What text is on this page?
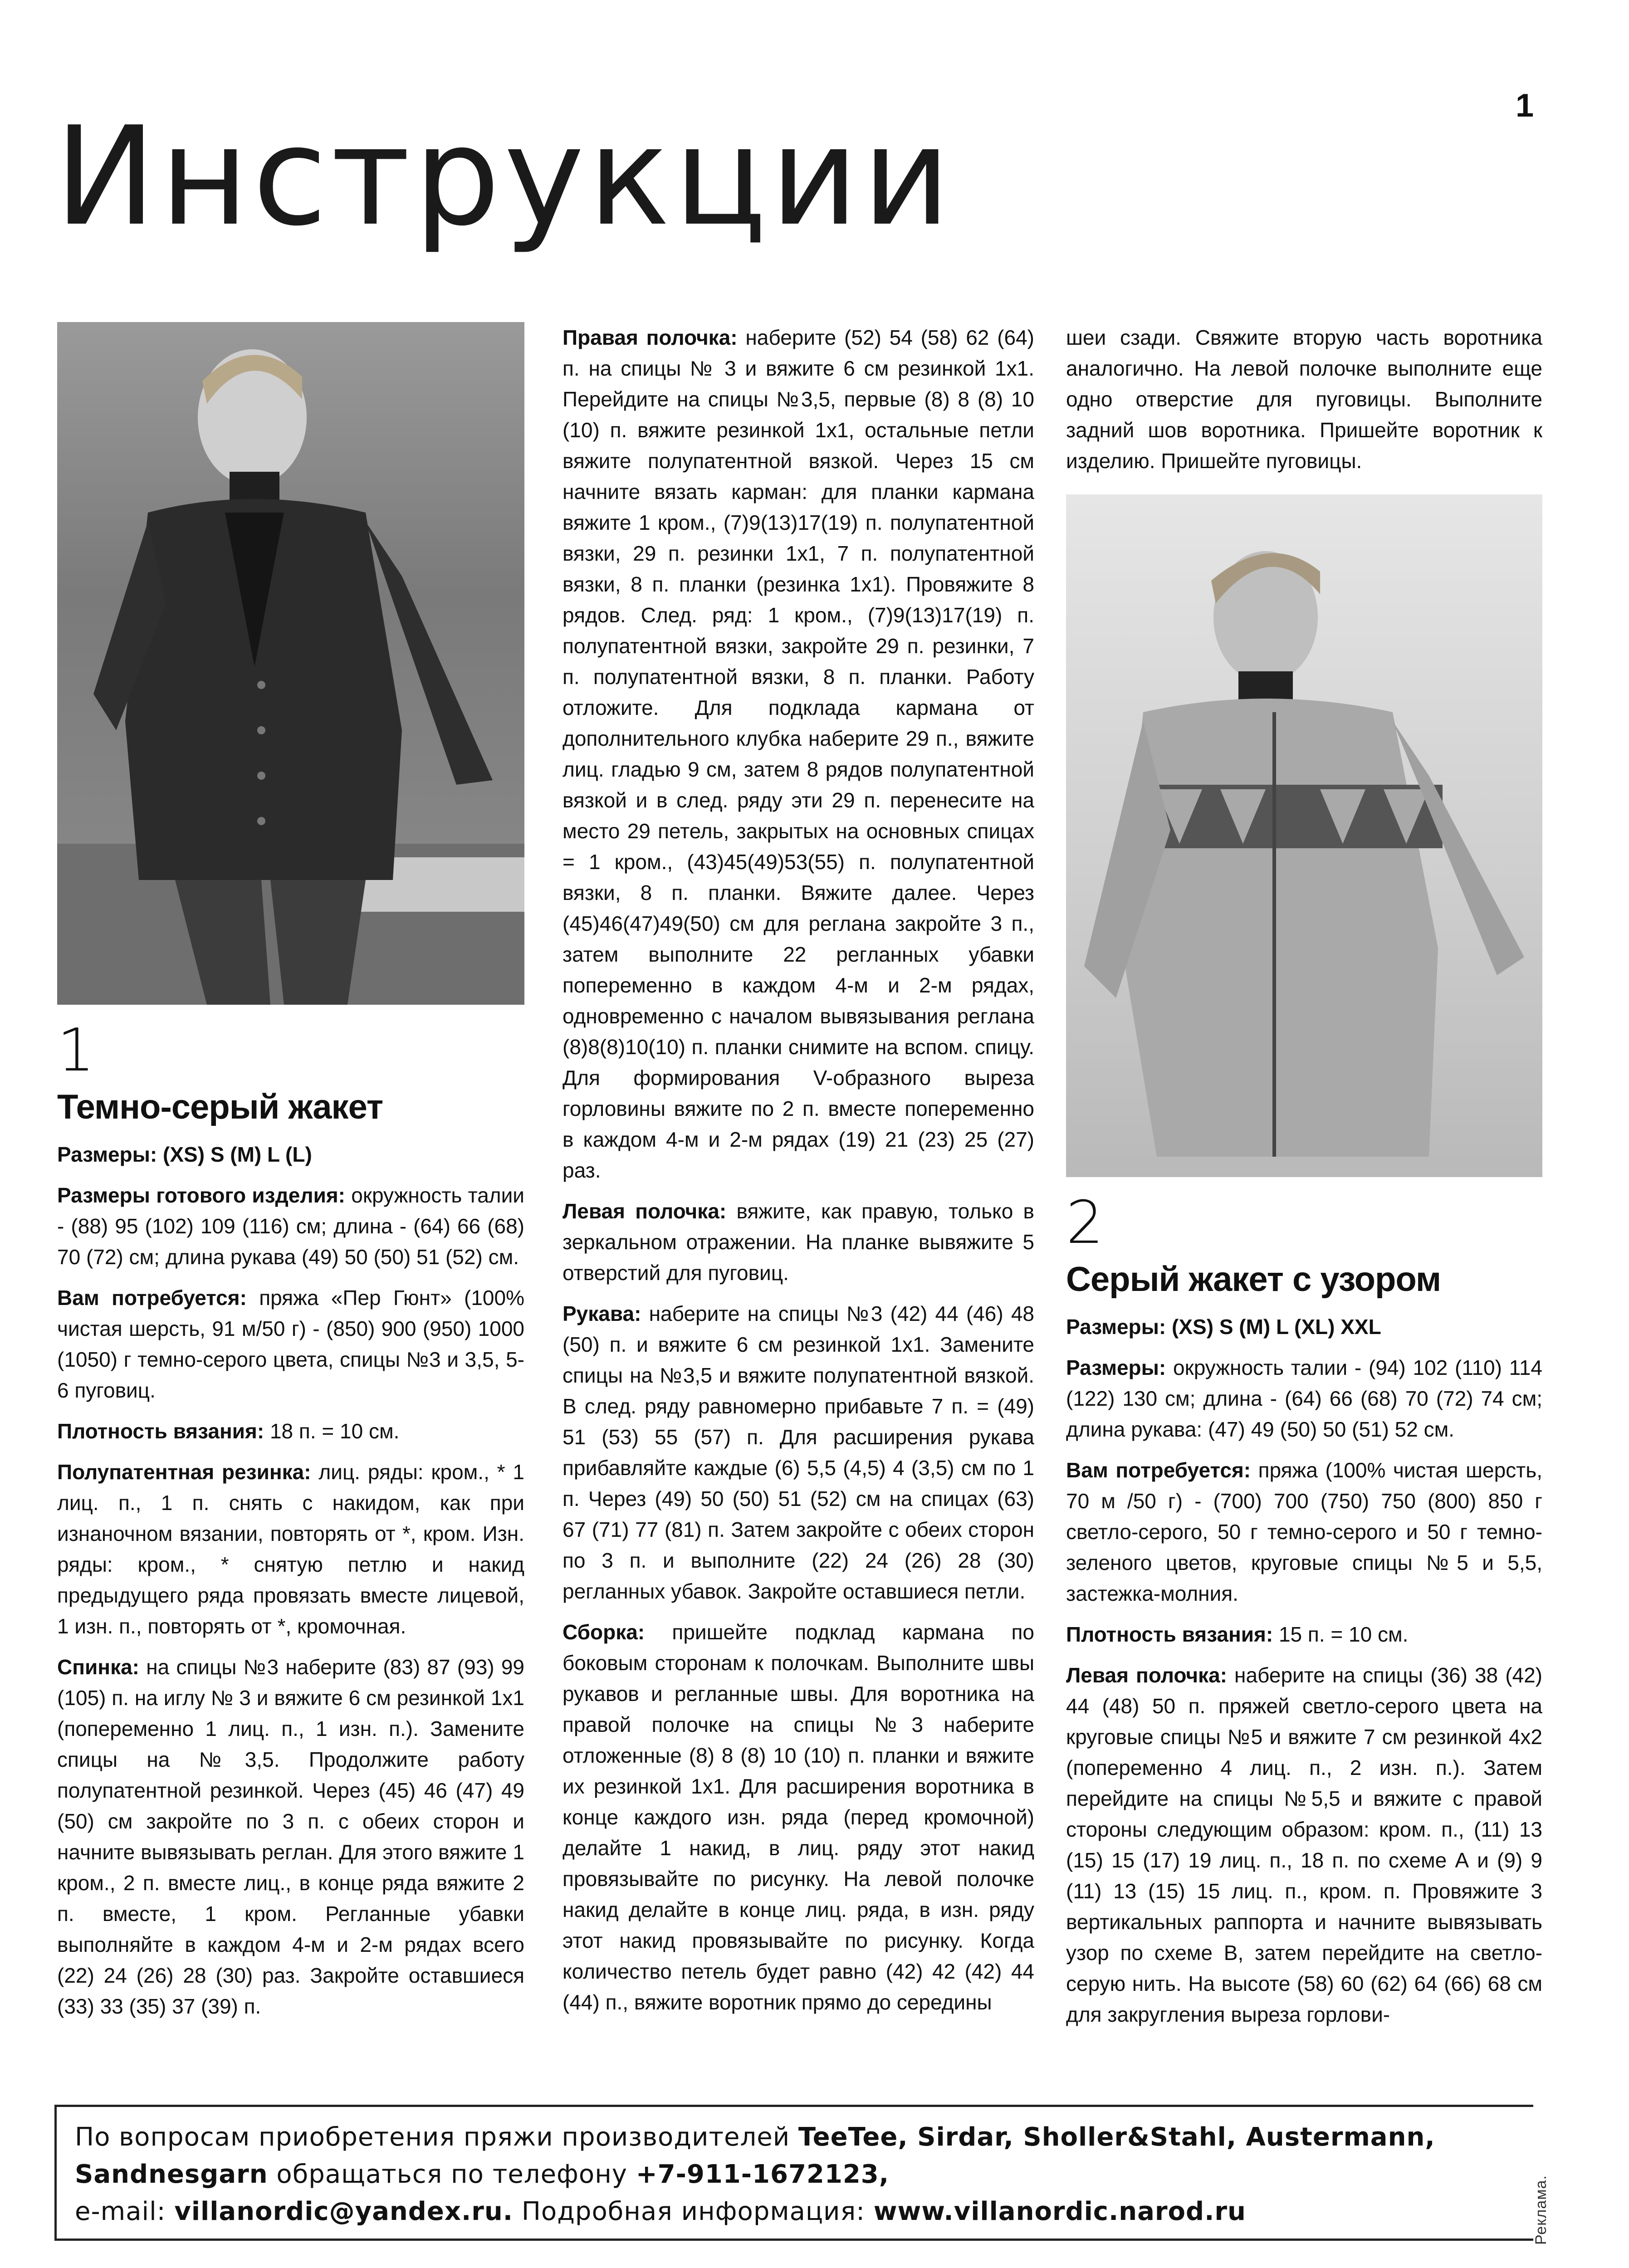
1
Инструкции
1
Темно-серый жакет

Размеры: (XS) S (M) L (L)

Размеры готового изделия: окружность талии - (88) 95 (102) 109 (116) см; длина - (64) 66 (68) 70 (72) см; длина рукава (49) 50 (50) 51 (52) см.

Вам потребуется: пряжа «Пер Гюнт» (100% чистая шерсть, 91 м/50 г) - (850) 900 (950) 1000 (1050) г темно-серого цвета, спицы №3 и 3,5, 5-6 пуговиц.

Плотность вязания: 18 п. = 10 см.

Полупатентная резинка: лиц. ряды: кром., * 1 лиц. п., 1 п. снять с накидом, как при изнаночном вязании, повторять от *, кром. Изн. ряды: кром., * снятую петлю и накид предыдущего ряда провязать вместе лицевой, 1 изн. п., повторять от *, кромочная.

Спинка: на спицы №3 наберите (83) 87 (93) 99 (105) п. на иглу № 3 и вяжите 6 см резинкой 1x1 (попеременно 1 лиц. п., 1 изн. п.). Замените спицы на №3,5. Продолжите работу полупатентной резинкой. Через (45) 46 (47) 49 (50) см закройте по 3 п. с обеих сторон и начните вывязывать реглан. Для этого вяжите 1 кром., 2 п. вместе лиц., в конце ряда вяжите 2 п. вместе, 1 кром. Регланные убавки выполняйте в каждом 4-м и 2-м рядах всего (22) 24 (26) 28 (30) раз. Закройте оставшиеся (33) 33 (35) 37 (39) п.

Правая полочка: наберите (52) 54 (58) 62 (64) п. на спицы № 3 и вяжите 6 см резинкой 1x1. Перейдите на спицы №3,5, первые (8) 8 (8) 10 (10) п. вяжите резинкой 1x1, остальные петли вяжите полупатентной вязкой. Через 15 см начните вязать карман: для планки кармана вяжите 1 кром., (7)9(13)17(19) п. полупатентной вязки, 29 п. резинки 1x1, 7 п. полупатентной вязки, 8 п. планки (резинка 1x1). Провяжите 8 рядов. След. ряд: 1 кром., (7)9(13)17(19) п. полупатентной вязки, закройте 29 п. резинки, 7 п. полупатентной вязки, 8 п. планки. Работу отложите. Для подклада кармана от дополнительного клубка наберите 29 п., вяжите лиц. гладью 9 см, затем 8 рядов полупатентной вязкой и в след. ряду эти 29 п. перенесите на место 29 петель, закрытых на основных спицах = 1 кром., (43)45(49)53(55) п. полупатентной вязки, 8 п. планки. Вяжите далее. Через (45)46(47)49(50) см для реглана закройте 3 п., затем выполните 22 регланных убавки попеременно в каждом 4-м и 2-м рядах, одновременно с началом вывязывания реглана (8)8(8)10(10) п. планки снимите на вспом. спицу. Для формирования V-образного выреза горловины вяжите по 2 п. вместе попеременно в каждом 4-м и 2-м рядах (19) 21 (23) 25 (27) раз.

Левая полочка: вяжите, как правую, только в зеркальном отражении. На планке вывяжите 5 отверстий для пуговиц.

Рукава: наберите на спицы №3 (42) 44 (46) 48 (50) п. и вяжите 6 см резинкой 1x1. Замените спицы на №3,5 и вяжите полупатентной вязкой. В след. ряду равномерно прибавьте 7 п. = (49) 51 (53) 55 (57) п. Для расширения рукава прибавляйте каждые (6) 5,5 (4,5) 4 (3,5) см по 1 п. Через (49) 50 (50) 51 (52) см на спицах (63) 67 (71) 77 (81) п. Затем закройте с обеих сторон по 3 п. и выполните (22) 24 (26) 28 (30) регланных убавок. Закройте оставшиеся петли.

Сборка: пришейте подклад кармана по боковым сторонам к полочкам. Выполните швы рукавов и регланные швы. Для воротника на правой полочке на спицы №3 наберите отложенные (8) 8 (8) 10 (10) п. планки и вяжите их резинкой 1x1. Для расширения воротника в конце каждого изн. ряда (перед кромочной) делайте 1 накид, в лиц. ряду этот накид провязывайте по рисунку. На левой полочке накид делайте в конце лиц. ряда, в изн. ряду этот накид провязывайте по рисунку. Когда количество петель будет равно (42) 42 (42) 44 (44) п., вяжите воротник прямо до середины

шеи сзади. Свяжите вторую часть воротника аналогично. На левой полочке выполните еще одно отверстие для пуговицы. Выполните задний шов воротника. Пришейте воротник к изделию. Пришейте пуговицы.

2
Серый жакет с узором

Размеры: (XS) S (M) L (XL) XXL

Размеры: окружность талии - (94) 102 (110) 114 (122) 130 см; длина - (64) 66 (68) 70 (72) 74 см; длина рукава: (47) 49 (50) 50 (51) 52 см.

Вам потребуется: пряжа (100% чистая шерсть, 70 м /50 г) - (700) 700 (750) 750 (800) 850 г светло-серого, 50 г темно-серого и 50 г темно-зеленого цветов, круговые спицы №5 и 5,5, застежка-молния.

Плотность вязания: 15 п. = 10 см.

Левая полочка: наберите на спицы (36) 38 (42) 44 (48) 50 п. пряжей светло-серого цвета на круговые спицы №5 и вяжите 7 см резинкой 4x2 (попеременно 4 лиц. п., 2 изн. п.). Затем перейдите на спицы №5,5 и вяжите с правой стороны следующим образом: кром. п., (11) 13 (15) 15 (17) 19 лиц. п., 18 п. по схеме А и (9) 9 (11) 13 (15) 15 лиц. п., кром. п. Провяжите 3 вертикальных раппорта и начните вывязывать узор по схеме В, затем перейдите на светло-серую нить. На высоте (58) 60 (62) 64 (66) 68 см для закругления выреза горлови-

По вопросам приобретения пряжи производителей TeeTee, Sirdar, Sholler&Stahl, Austermann,
Sandnesgarn обращаться по телефону +7-911-1672123,
e-mail: villanordic@yandex.ru. Подробная информация: www.villanordic.narod.ru	Реклама.
